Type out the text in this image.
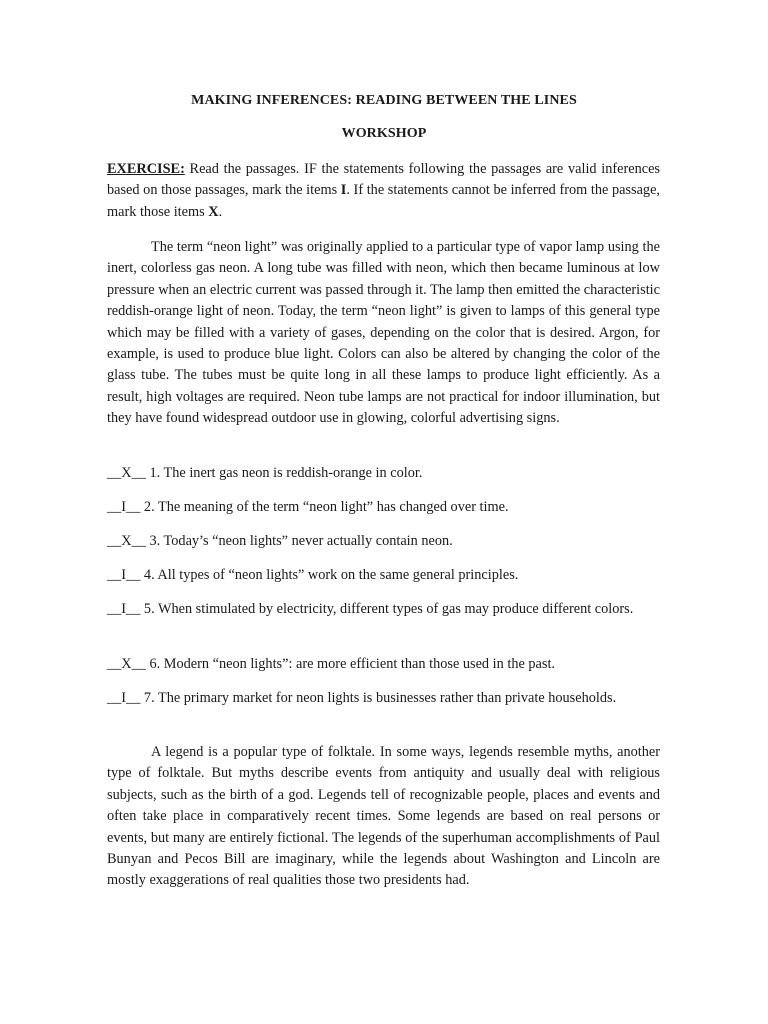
MAKING INFERENCES: READING BETWEEN THE LINES
WORKSHOP
EXERCISE: Read the passages. IF the statements following the passages are valid inferences based on those passages, mark the items I. If the statements cannot be inferred from the passage, mark those items X.
The term “neon light” was originally applied to a particular type of vapor lamp using the inert, colorless gas neon. A long tube was filled with neon, which then became luminous at low pressure when an electric current was passed through it. The lamp then emitted the characteristic reddish-orange light of neon. Today, the term “neon light” is given to lamps of this general type which may be filled with a variety of gases, depending on the color that is desired. Argon, for example, is used to produce blue light. Colors can also be altered by changing the color of the glass tube. The tubes must be quite long in all these lamps to produce light efficiently. As a result, high voltages are required. Neon tube lamps are not practical for indoor illumination, but they have found widespread outdoor use in glowing, colorful advertising signs.
__X__ 1. The inert gas neon is reddish-orange in color.
__I__ 2. The meaning of the term “neon light” has changed over time.
__X__ 3. Today’s “neon lights” never actually contain neon.
__I__ 4. All types of “neon lights” work on the same general principles.
__I__ 5. When stimulated by electricity, different types of gas may produce different colors.
__X__ 6. Modern “neon lights”: are more efficient than those used in the past.
__I__ 7. The primary market for neon lights is businesses rather than private households.
A legend is a popular type of folktale. In some ways, legends resemble myths, another type of folktale. But myths describe events from antiquity and usually deal with religious subjects, such as the birth of a god. Legends tell of recognizable people, places and events and often take place in comparatively recent times. Some legends are based on real persons or events, but many are entirely fictional. The legends of the superhuman accomplishments of Paul Bunyan and Pecos Bill are imaginary, while the legends about Washington and Lincoln are mostly exaggerations of real qualities those two presidents had.
